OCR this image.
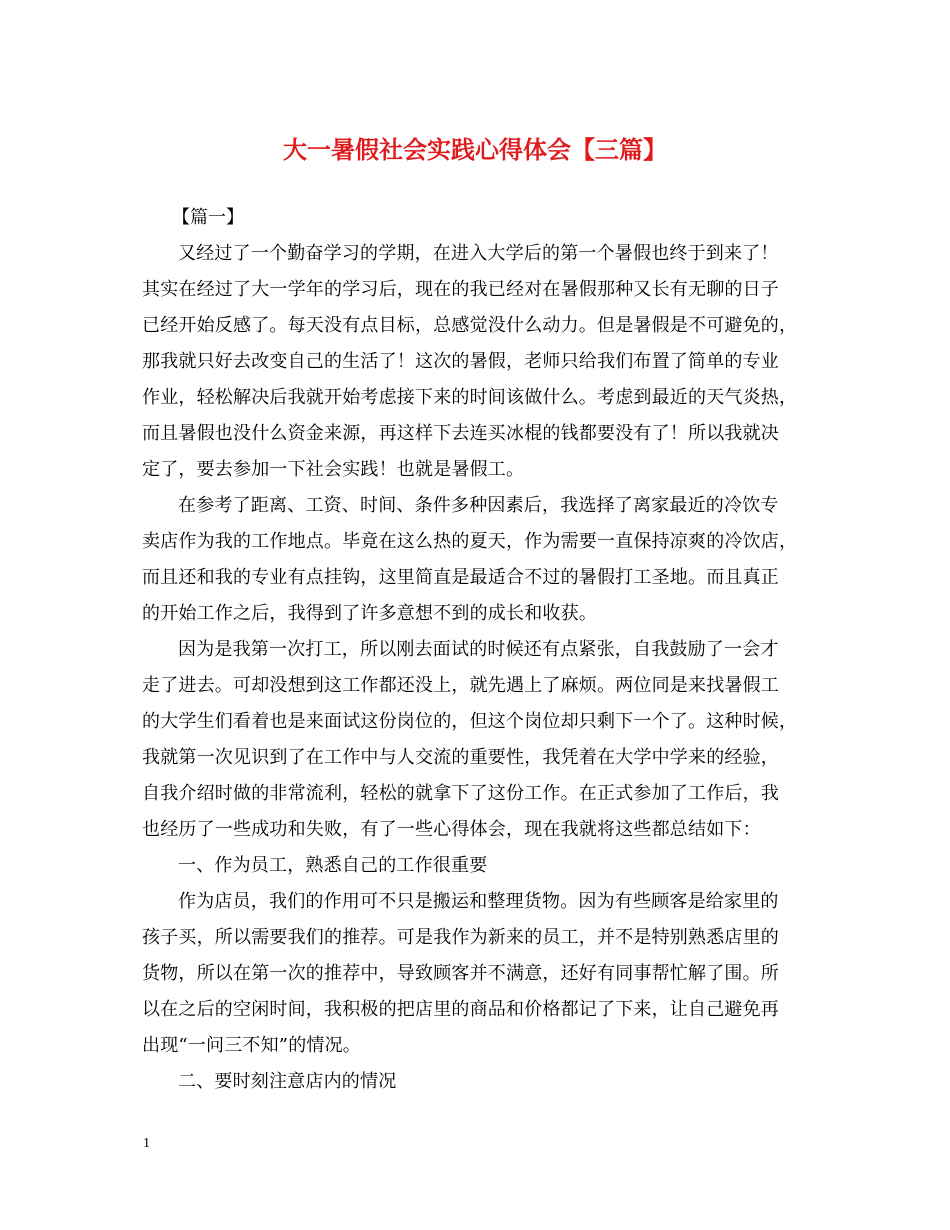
大一暑假社会实践心得体会【三篇】
【篇一】
又经过了一个勤奋学习的学期，在进入大学后的第一个暑假也终于到来了！
其实在经过了大一学年的学习后，现在的我已经对在暑假那种又长有无聊的日子
已经开始反感了。每天没有点目标，总感觉没什么动力。但是暑假是不可避免的，
那我就只好去改变自己的生活了！这次的暑假，老师只给我们布置了简单的专业
作业，轻松解决后我就开始考虑接下来的时间该做什么。考虑到最近的天气炎热，
而且暑假也没什么资金来源，再这样下去连买冰棍的钱都要没有了！所以我就决
定了，要去参加一下社会实践！也就是暑假工。
在参考了距离、工资、时间、条件多种因素后，我选择了离家最近的冷饮专
卖店作为我的工作地点。毕竟在这么热的夏天，作为需要一直保持凉爽的冷饮店，
而且还和我的专业有点挂钩，这里简直是最适合不过的暑假打工圣地。而且真正
的开始工作之后，我得到了许多意想不到的成长和收获。
因为是我第一次打工，所以刚去面试的时候还有点紧张，自我鼓励了一会才
走了进去。可却没想到这工作都还没上，就先遇上了麻烦。两位同是来找暑假工
的大学生们看着也是来面试这份岗位的，但这个岗位却只剩下一个了。这种时候，
我就第一次见识到了在工作中与人交流的重要性，我凭着在大学中学来的经验，
自我介绍时做的非常流利，轻松的就拿下了这份工作。在正式参加了工作后，我
也经历了一些成功和失败，有了一些心得体会，现在我就将这些都总结如下：
一、作为员工，熟悉自己的工作很重要
作为店员，我们的作用可不只是搬运和整理货物。因为有些顾客是给家里的
孩子买，所以需要我们的推荐。可是我作为新来的员工，并不是特别熟悉店里的
货物，所以在第一次的推荐中，导致顾客并不满意，还好有同事帮忙解了围。所
以在之后的空闲时间，我积极的把店里的商品和价格都记了下来，让自己避免再
出现“一问三不知”的情况。
二、要时刻注意店内的情况
1
